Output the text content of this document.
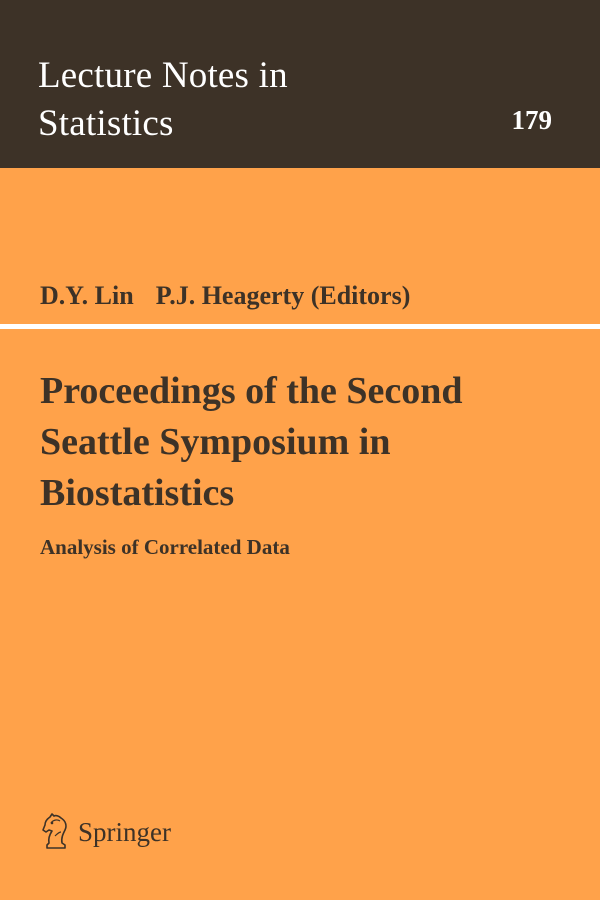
Lecture Notes in
Statistics	179
D.Y. Lin P.J. Heagerty (Editors)
Proceedings of the Second
Seattle Symposium in
Biostatistics
Analysis of Correlated Data
Springer
